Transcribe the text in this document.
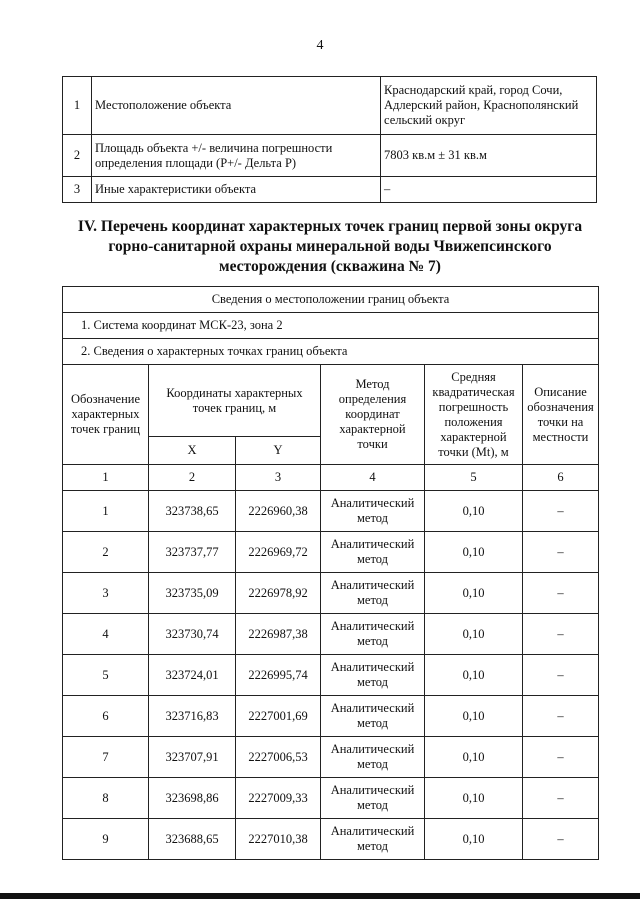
4
1	Местоположение объекта	Краснодарский край, город Сочи, Адлерский район, Краснополянский сельский округ
2	Площадь объекта +/- величина погрешности определения площади (P+/- Дельта P)	7803 кв.м ± 31 кв.м
3	Иные характеристики объекта	–
IV. Перечень координат характерных точек границ первой зоны округа горно-санитарной охраны минеральной воды Чвижепсинского месторождения (скважина № 7)
Сведения о местоположении границ объекта					
1. Система координат МСК-23, зона 2					
2. Сведения о характерных точках границ объекта					
Обозначение характерных точек границ	Координаты характерных точек границ, м		Метод определения координат характерной точки	Средняя квадратическая погрешность положения характерной точки (Mt), м	Описание обозначения точки на местности
	X	Y			
1	2	3	4	5	6
1	323738,65	2226960,38	Аналитический метод	0,10	–
2	323737,77	2226969,72	Аналитический метод	0,10	–
3	323735,09	2226978,92	Аналитический метод	0,10	–
4	323730,74	2226987,38	Аналитический метод	0,10	–
5	323724,01	2226995,74	Аналитический метод	0,10	–
6	323716,83	2227001,69	Аналитический метод	0,10	–
7	323707,91	2227006,53	Аналитический метод	0,10	–
8	323698,86	2227009,33	Аналитический метод	0,10	–
9	323688,65	2227010,38	Аналитический метод	0,10	–
